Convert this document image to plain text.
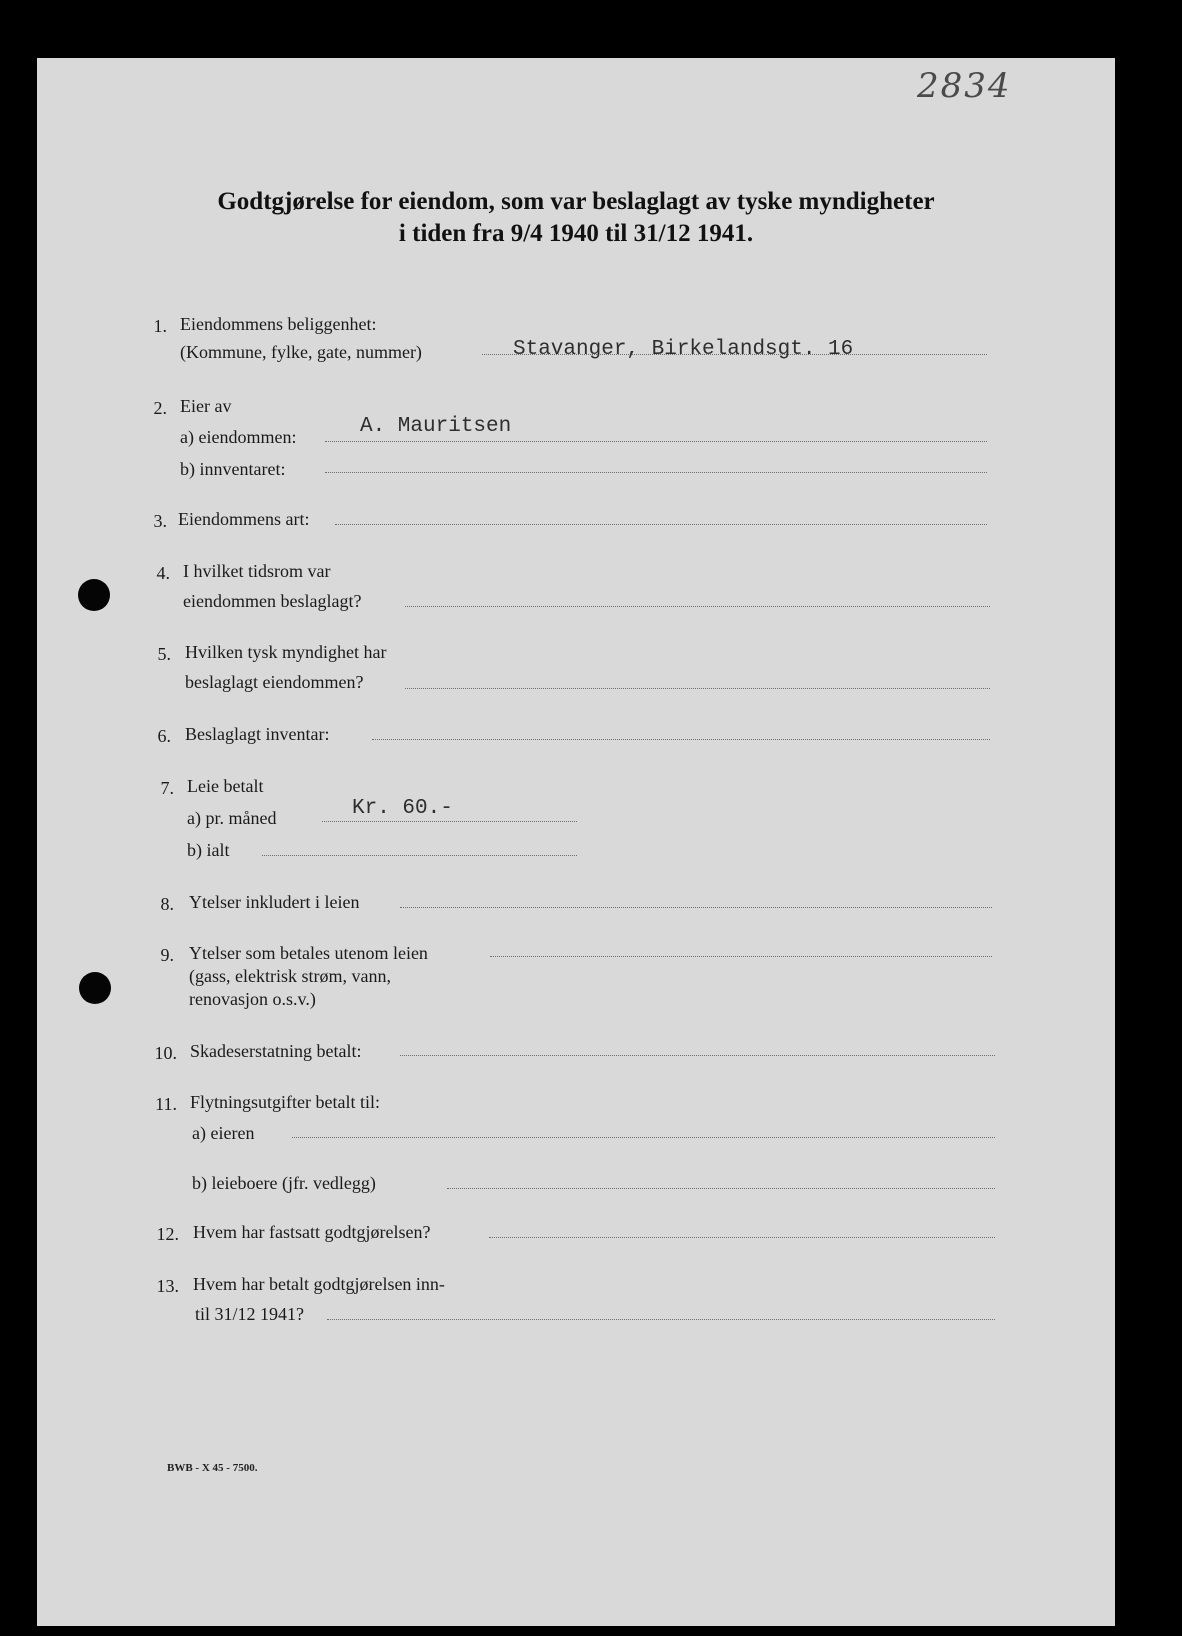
2834
Godtgjørelse for eiendom, som var beslaglagt av tyske myndigheter
i tiden fra 9/4 1940 til 31/12 1941.
1. Eiendommens beliggenhet:
(Kommune, fylke, gate, nummer)	Stavanger, Birkelandsgt. 16
2. Eier av
a) eiendommen:	A. Mauritsen
b) innventaret:
3. Eiendommens art:
4. I hvilket tidsrom var
eiendommen beslaglagt?
5. Hvilken tysk myndighet har
beslaglagt eiendommen?
6. Beslaglagt inventar:
7. Leie betalt
a) pr. måned	Kr. 60.-
b) ialt
8. Ytelser inkludert i leien
9. Ytelser som betales utenom leien
(gass, elektrisk strøm, vann,
renovasjon o.s.v.)
10. Skadeserstatning betalt:
11. Flytningsutgifter betalt til:
a) eieren
b) leieboere (jfr. vedlegg)
12. Hvem har fastsatt godtgjørelsen?
13. Hvem har betalt godtgjørelsen inn-
til 31/12 1941?
BWB - X 45 - 7500.
